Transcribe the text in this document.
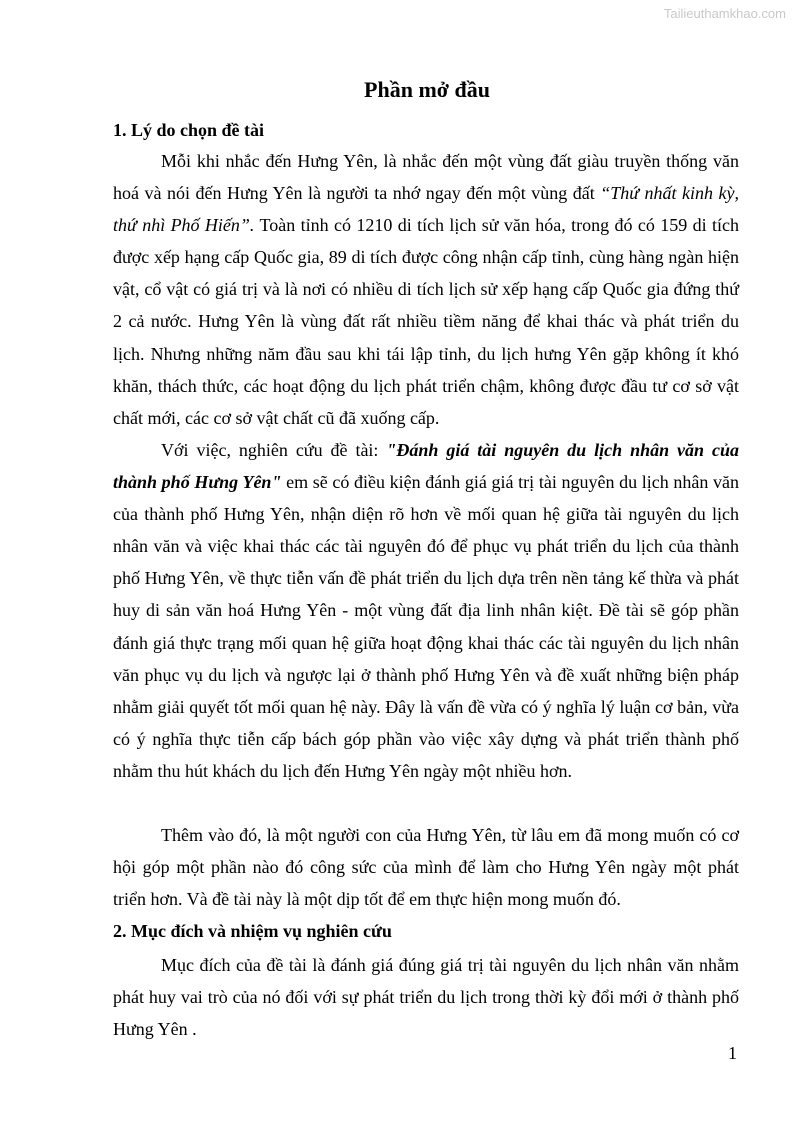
Tailieuthamkhao.com
Phần mở đầu
1. Lý do chọn đề tài

Mỗi khi nhắc đến Hưng Yên, là nhắc đến một vùng đất giàu truyền thống văn hoá và nói đến Hưng Yên là người ta nhớ ngay đến một vùng đất “Thứ nhất kinh kỳ, thứ nhì Phố Hiến”. Toàn tỉnh có 1210 di tích lịch sử văn hóa, trong đó có 159 di tích được xếp hạng cấp Quốc gia, 89 di tích được công nhận cấp tỉnh, cùng hàng ngàn hiện vật, cổ vật có giá trị và là nơi có nhiều di tích lịch sử xếp hạng cấp Quốc gia đứng thứ 2 cả nước. Hưng Yên là vùng đất rất nhiều tiềm năng để khai thác và phát triển du lịch. Nhưng những năm đầu sau khi tái lập tỉnh, du lịch hưng Yên gặp không ít khó khăn, thách thức, các hoạt động du lịch phát triển chậm, không được đầu tư cơ sở vật chất mới, các cơ sở vật chất cũ đã xuống cấp.

Với việc, nghiên cứu đề tài: "Đánh giá tài nguyên du lịch nhân văn của thành phố Hưng Yên" em sẽ có điều kiện đánh giá giá trị tài nguyên du lịch nhân văn của thành phố Hưng Yên, nhận diện rõ hơn về mối quan hệ giữa tài nguyên du lịch nhân văn và việc khai thác các tài nguyên đó để phục vụ phát triển du lịch của thành phố Hưng Yên, về thực tiễn vấn đề phát triển du lịch dựa trên nền tảng kế thừa và phát huy di sản văn hoá Hưng Yên - một vùng đất địa linh nhân kiệt. Đề tài sẽ góp phần đánh giá thực trạng mối quan hệ giữa hoạt động khai thác các tài nguyên du lịch nhân văn phục vụ du lịch và ngược lại ở thành phố Hưng Yên và đề xuất những biện pháp nhằm giải quyết tốt mối quan hệ này. Đây là vấn đề vừa có ý nghĩa lý luận cơ bản, vừa có ý nghĩa thực tiễn cấp bách góp phần vào việc xây dựng và phát triển thành phố nhằm thu hút khách du lịch đến Hưng Yên ngày một nhiều hơn.

Thêm vào đó, là một người con của Hưng Yên, từ lâu em đã mong muốn có cơ hội góp một phần nào đó công sức của mình để làm cho Hưng Yên ngày một phát triển hơn. Và đề tài này là một dịp tốt để em thực hiện mong muốn đó.

2. Mục đích và nhiệm vụ nghiên cứu

Mục đích của đề tài là đánh giá đúng giá trị tài nguyên du lịch nhân văn nhằm phát huy vai trò của nó đối với sự phát triển du lịch trong thời kỳ đổi mới ở thành phố Hưng Yên .

1
